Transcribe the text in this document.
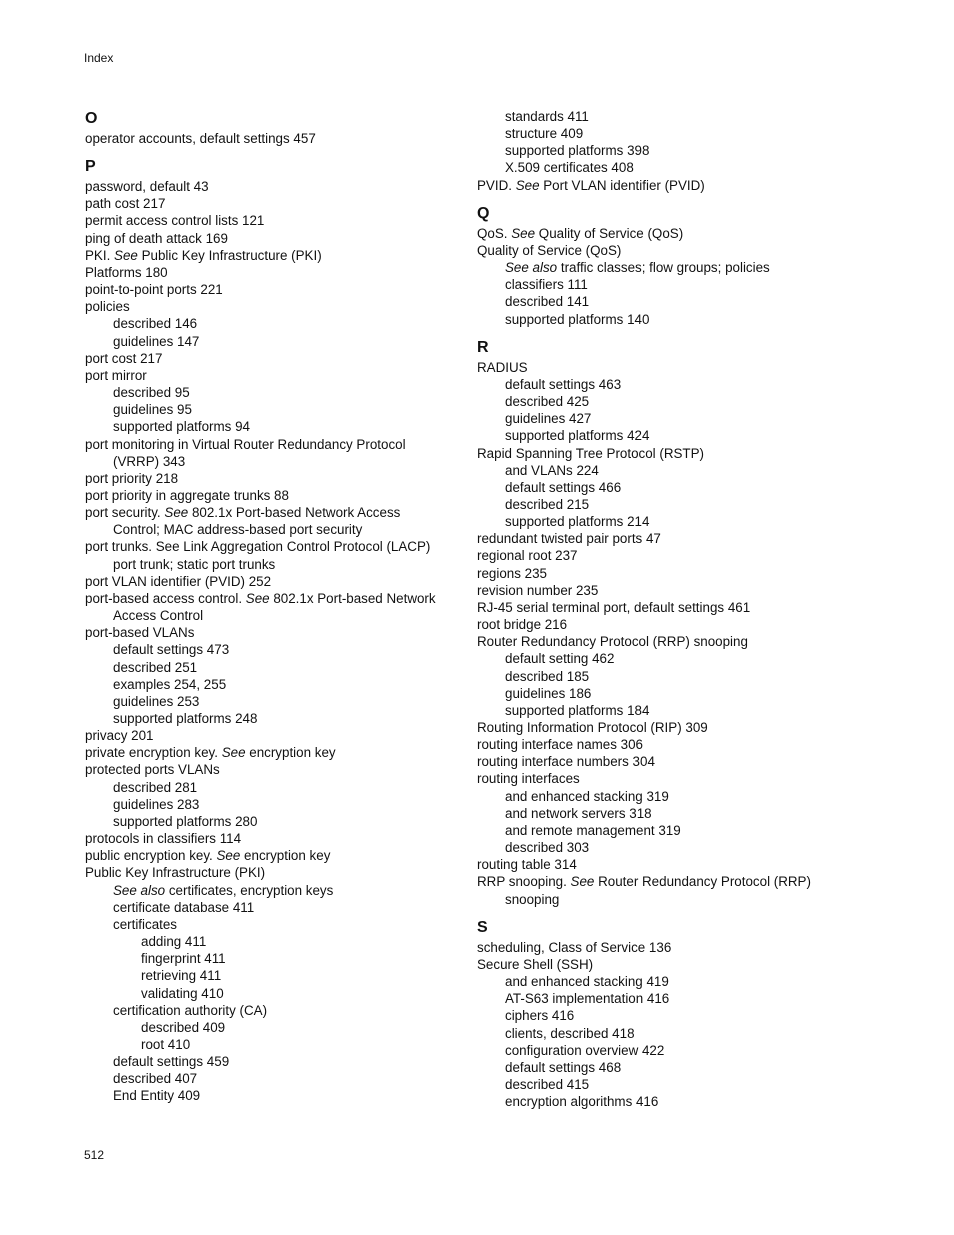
Index
O
operator accounts, default settings 457
P
password, default 43
path cost 217
permit access control lists 121
ping of death attack 169
PKI. See Public Key Infrastructure (PKI)
Platforms 180
point-to-point ports 221
policies
described 146
guidelines 147
port cost 217
port mirror
described 95
guidelines 95
supported platforms 94
port monitoring in Virtual Router Redundancy Protocol
(VRRP) 343
port priority 218
port priority in aggregate trunks 88
port security. See 802.1x Port-based Network Access
Control; MAC address-based port security
port trunks. See Link Aggregation Control Protocol (LACP)
port trunk; static port trunks
port VLAN identifier (PVID) 252
port-based access control. See 802.1x Port-based Network
Access Control
port-based VLANs
default settings 473
described 251
examples 254, 255
guidelines 253
supported platforms 248
privacy 201
private encryption key. See encryption key
protected ports VLANs
described 281
guidelines 283
supported platforms 280
protocols in classifiers 114
public encryption key. See encryption key
Public Key Infrastructure (PKI)
See also certificates, encryption keys
certificate database 411
certificates
adding 411
fingerprint 411
retrieving 411
validating 410
certification authority (CA)
described 409
root 410
default settings 459
described 407
End Entity 409
standards 411
structure 409
supported platforms 398
X.509 certificates 408
PVID. See Port VLAN identifier (PVID)
Q
QoS. See Quality of Service (QoS)
Quality of Service (QoS)
See also traffic classes; flow groups; policies
classifiers 111
described 141
supported platforms 140
R
RADIUS
default settings 463
described 425
guidelines 427
supported platforms 424
Rapid Spanning Tree Protocol (RSTP)
and VLANs 224
default settings 466
described 215
supported platforms 214
redundant twisted pair ports 47
regional root 237
regions 235
revision number 235
RJ-45 serial terminal port, default settings 461
root bridge 216
Router Redundancy Protocol (RRP) snooping
default setting 462
described 185
guidelines 186
supported platforms 184
Routing Information Protocol (RIP) 309
routing interface names 306
routing interface numbers 304
routing interfaces
and enhanced stacking 319
and network servers 318
and remote management 319
described 303
routing table 314
RRP snooping. See Router Redundancy Protocol (RRP)
snooping
S
scheduling, Class of Service 136
Secure Shell (SSH)
and enhanced stacking 419
AT-S63 implementation 416
ciphers 416
clients, described 418
configuration overview 422
default settings 468
described 415
encryption algorithms 416
512
